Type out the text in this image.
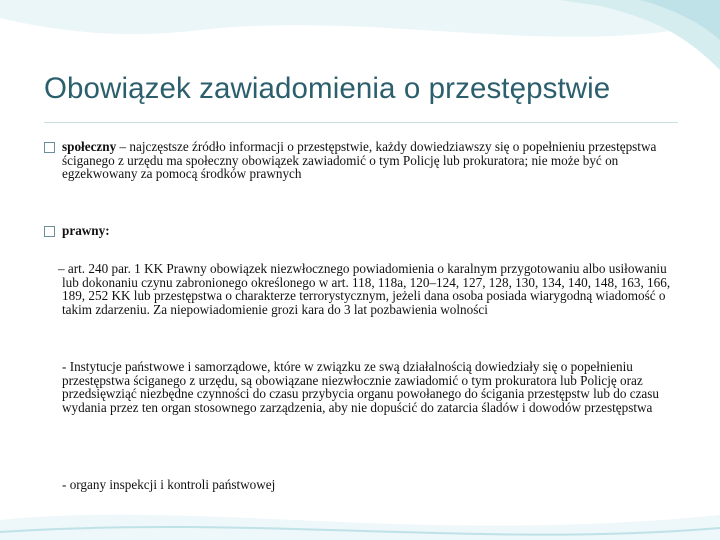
Obowiązek zawiadomienia o przestępstwie
społeczny – najczęstsze źródło informacji o przestępstwie, każdy dowiedziawszy się o popełnieniu przestępstwa ściganego z urzędu ma społeczny obowiązek zawiadomić o tym Policję lub prokuratora; nie może być on egzekwowany za pomocą środków prawnych
prawny:
– art. 240 par. 1 KK Prawny obowiązek niezwłocznego powiadomienia o karalnym przygotowaniu albo usiłowaniu lub dokonaniu czynu zabronionego określonego w art. 118, 118a, 120–124, 127, 128, 130, 134, 140, 148, 163, 166, 189, 252 KK lub przestępstwa o charakterze terrorystycznym, jeżeli dana osoba posiada wiarygodną wiadomość o takim zdarzeniu. Za niepowiadomienie grozi kara do 3 lat pozbawienia wolności
- Instytucje państwowe i samorządowe, które w związku ze swą działalnością dowiedziały się o popełnieniu przestępstwa ściganego z urzędu, są obowiązane niezwłocznie zawiadomić o tym prokuratora lub Policję oraz przedsięwziąć niezbędne czynności do czasu przybycia organu powołanego do ścigania przestępstw lub do czasu wydania przez ten organ stosownego zarządzenia, aby nie dopuścić do zatarcia śladów i dowodów przestępstwa
- organy inspekcji i kontroli państwowej
